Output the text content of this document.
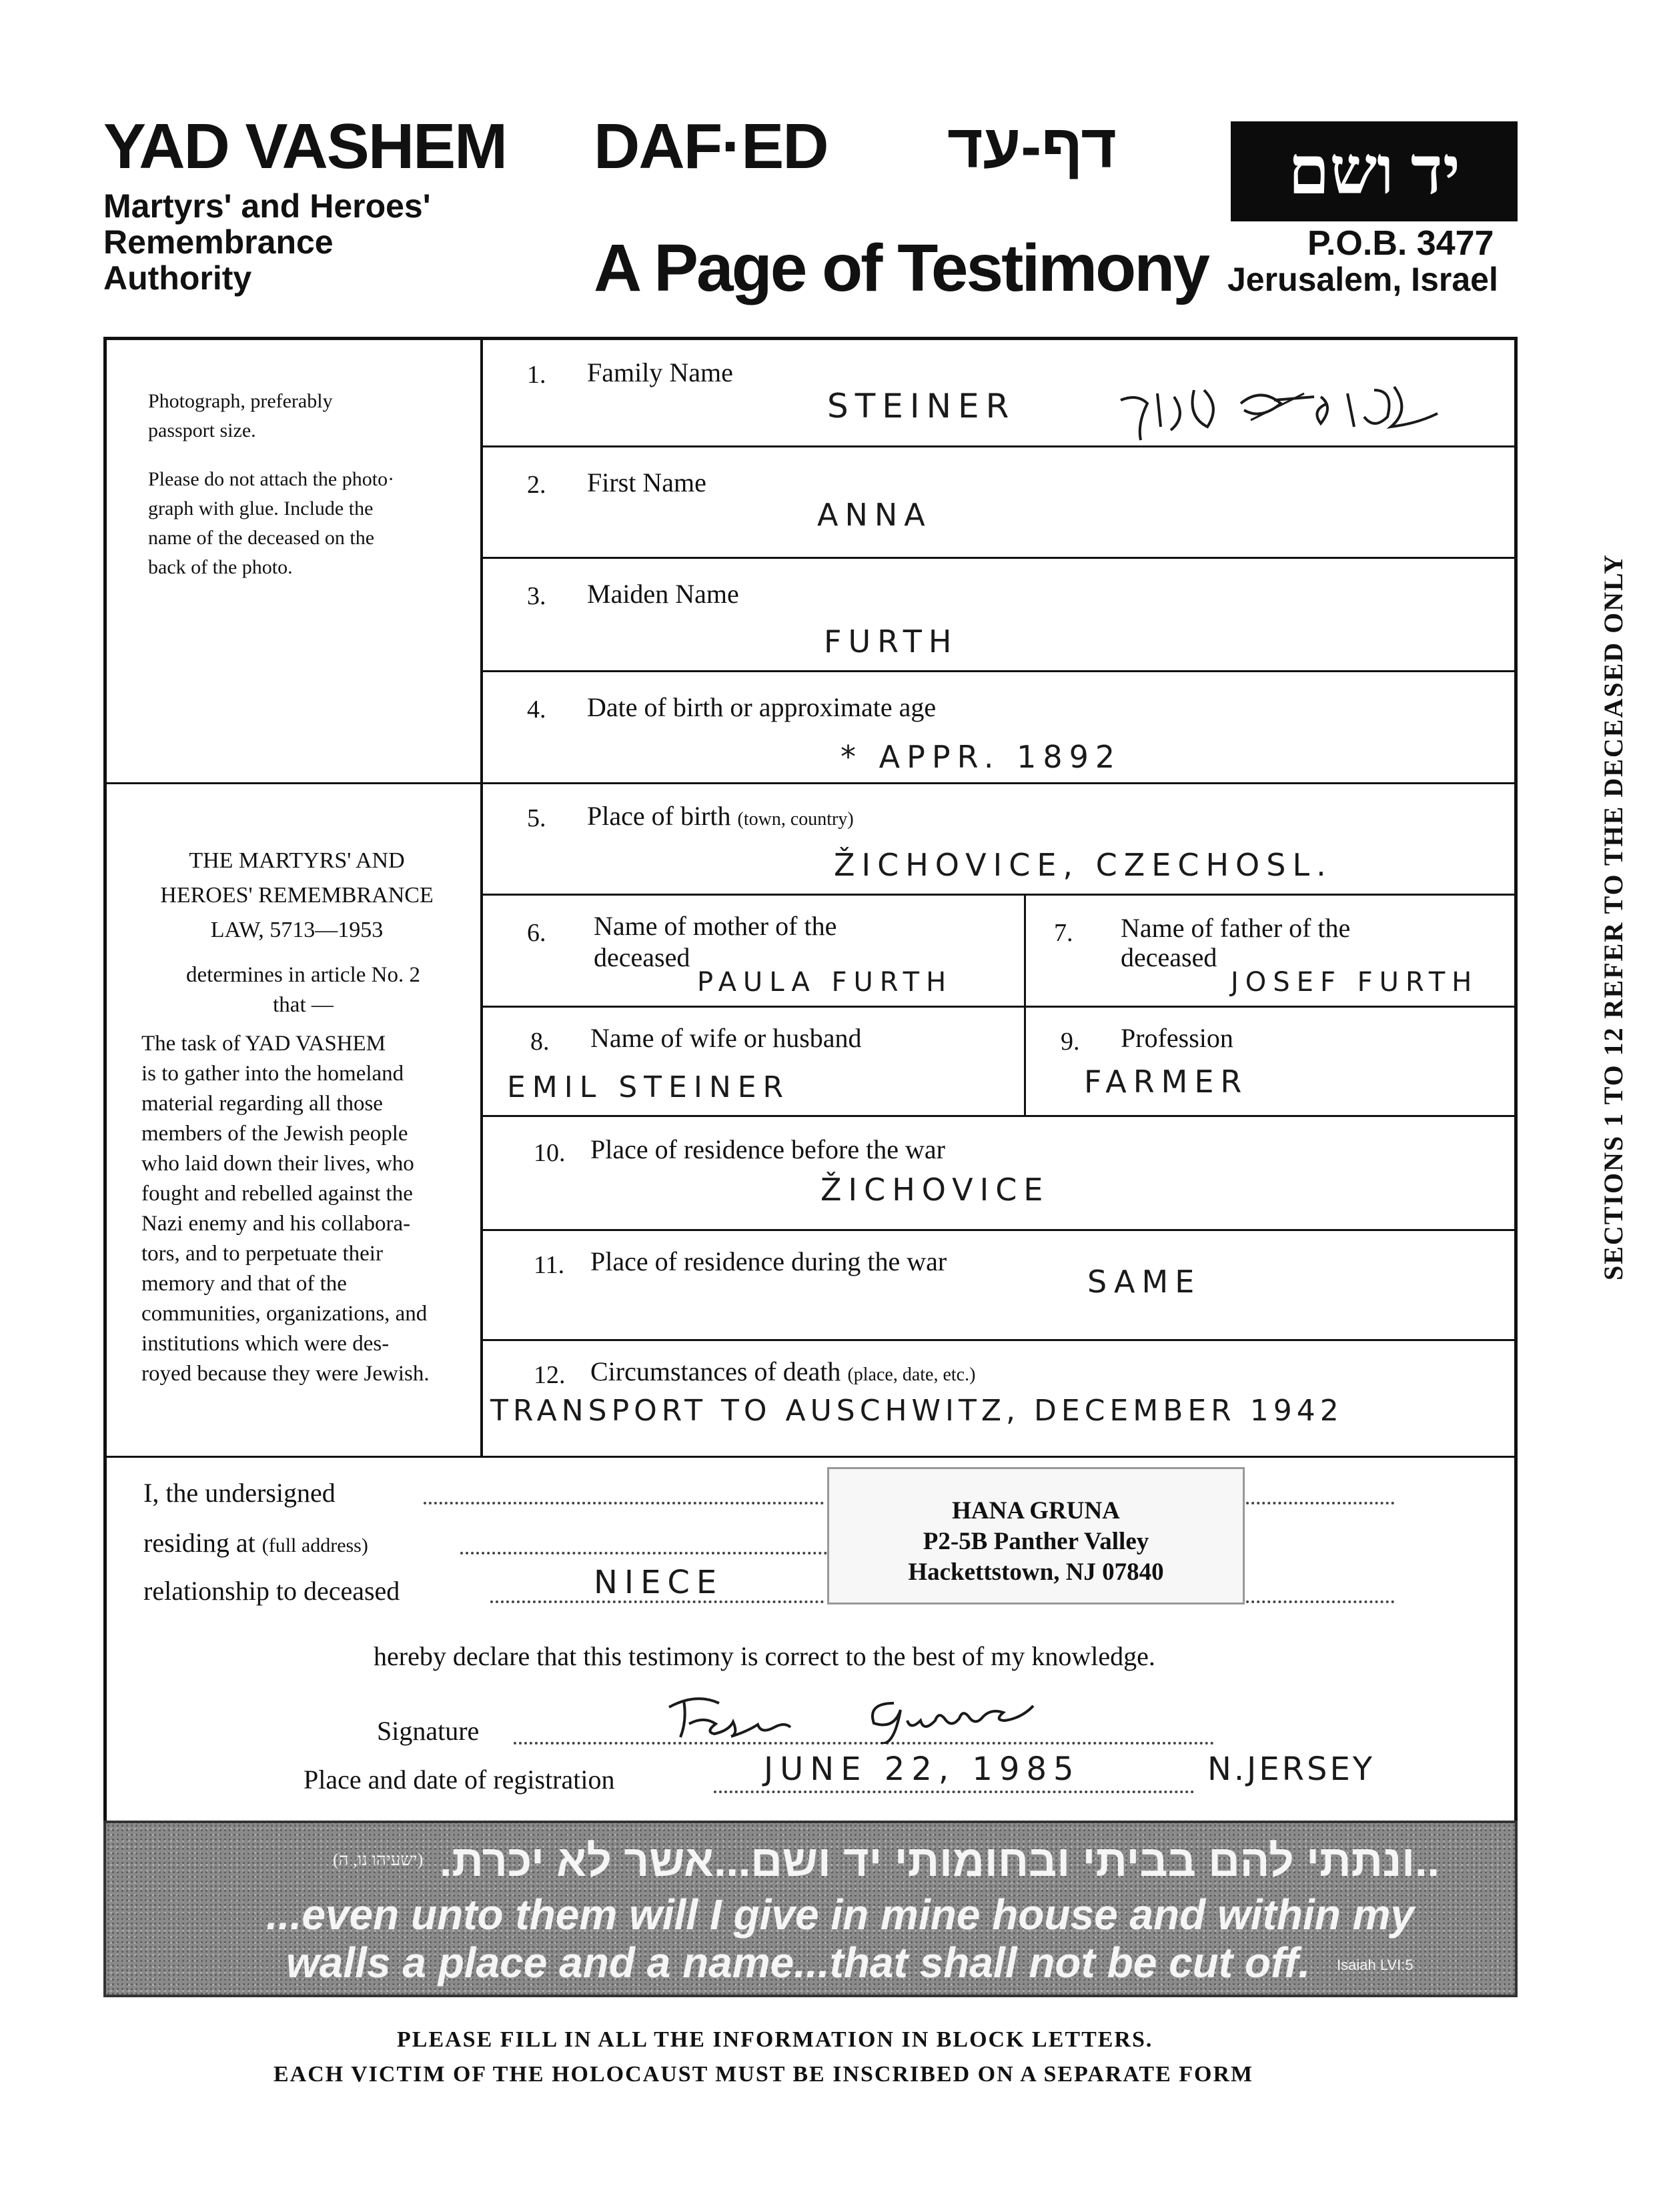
YAD VASHEM
Martyrs' and Heroes'
Remembrance
Authority
DAF·ED דף-עד	יד ושם
A Page of Testimony	P.O.B. 3477
Jerusalem, Israel
Photograph, preferably
passport size.
Please do not attach the photo·
graph with glue. Include the
name of the deceased on the
back of the photo.
THE MARTYRS' AND
HEROES' REMEMBRANCE
LAW, 5713—1953
determines in article No. 2
that —
The task of YAD VASHEM
is to gather into the homeland
material regarding all those
members of the Jewish people
who laid down their lives, who
fought and rebelled against the
Nazi enemy and his collabora-
tors, and to perpetuate their
memory and that of the
communities, organizations, and
institutions which were des-
royed because they were Jewish.
1. Family Name
STEINER
2. First Name
ANNA
3. Maiden Name
FURTH
4. Date of birth or approximate age
* APPR. 1892
5. Place of birth (town, country)
ŽICHOVICE, CZECHOSL.
6. Name of mother of the
deceased
PAULA FURTH
7. Name of father of the
deceased
JOSEF FURTH
8. Name of wife or husband
EMIL STEINER
9. Profession
FARMER
10. Place of residence before the war
ŽICHOVICE
11. Place of residence during the war
SAME
12. Circumstances of death (place, date, etc.)
TRANSPORT TO AUSCHWITZ, DECEMBER 1942
SECTIONS 1 TO 12 REFER TO THE DECEASED ONLY
I, the undersigned
residing at (full address)
relationship to deceased	NIECE
HANA GRUNA
P2-5B Panther Valley
Hackettstown, NJ 07840
hereby declare that this testimony is correct to the best of my knowledge.
Signature
Place and date of registration	JUNE 22, 1985	N.JERSEY
(ישעיהו נו, ה) ..ונתתי להם בביתי ובחומותי יד ושם...אשר לא יכרת.
...even unto them will I give in mine house and within my
walls a place and a name...that shall not be cut off. Isaiah LVI:5
PLEASE FILL IN ALL THE INFORMATION IN BLOCK LETTERS.
EACH VICTIM OF THE HOLOCAUST MUST BE INSCRIBED ON A SEPARATE FORM
